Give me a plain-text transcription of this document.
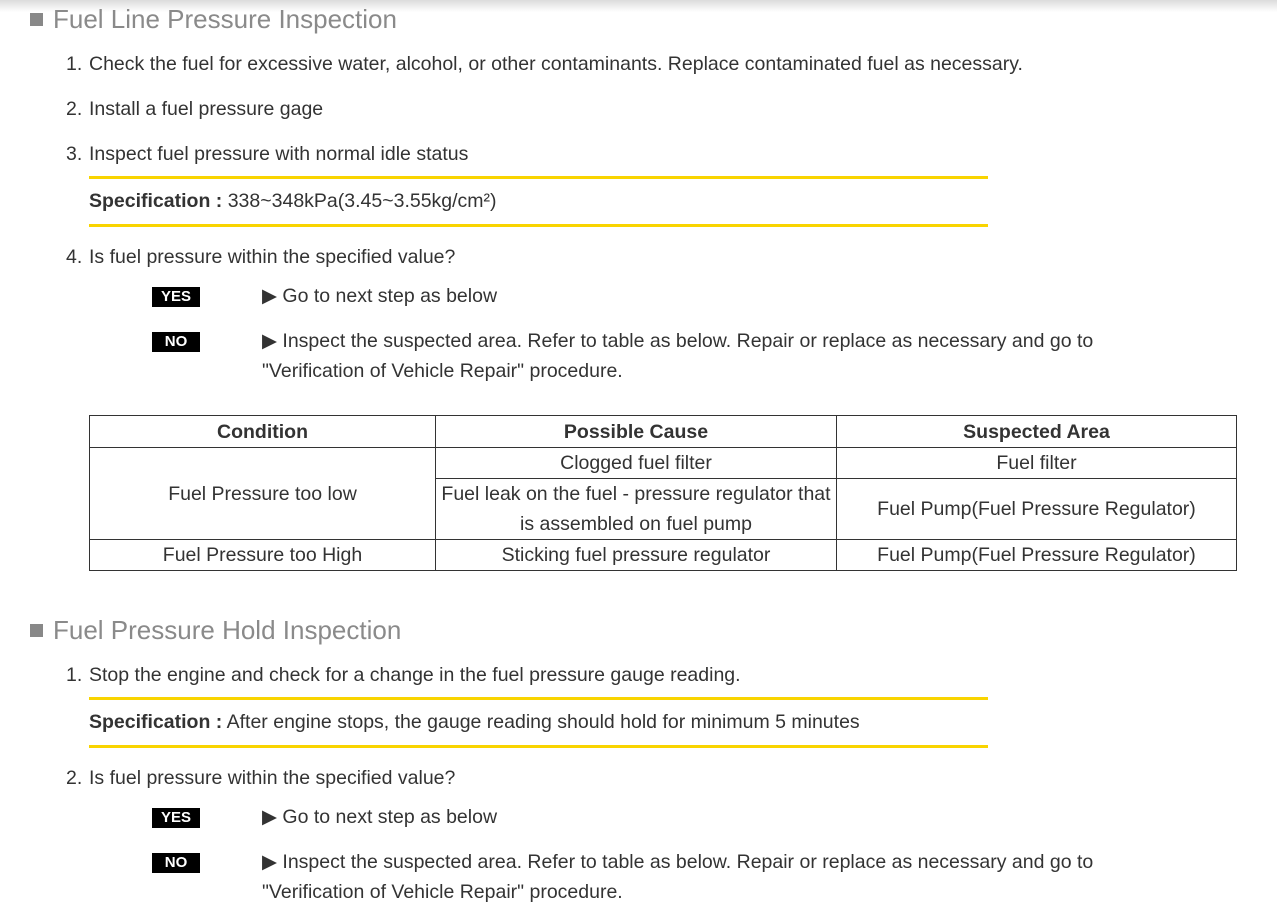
Fuel Line Pressure Inspection
1. Check the fuel for excessive water, alcohol, or other contaminants. Replace contaminated fuel as necessary.
2. Install a fuel pressure gage
3. Inspect fuel pressure with normal idle status
Specification : 338~348kPa(3.45~3.55kg/cm²)
4. Is fuel pressure within the specified value?
YES	▶ Go to next step as below
NO	▶ Inspect the suspected area. Refer to table as below. Repair or replace as necessary and go to
"Verification of Vehicle Repair" procedure.
Condition	Possible Cause	Suspected Area
Fuel Pressure too low	Clogged fuel filter	Fuel filter
	Fuel leak on the fuel - pressure regulator that is assembled on fuel pump	Fuel Pump(Fuel Pressure Regulator)
Fuel Pressure too High	Sticking fuel pressure regulator	Fuel Pump(Fuel Pressure Regulator)
Fuel Pressure Hold Inspection
1. Stop the engine and check for a change in the fuel pressure gauge reading.
Specification : After engine stops, the gauge reading should hold for minimum 5 minutes
2. Is fuel pressure within the specified value?
YES	▶ Go to next step as below
NO	▶ Inspect the suspected area. Refer to table as below. Repair or replace as necessary and go to
"Verification of Vehicle Repair" procedure.
